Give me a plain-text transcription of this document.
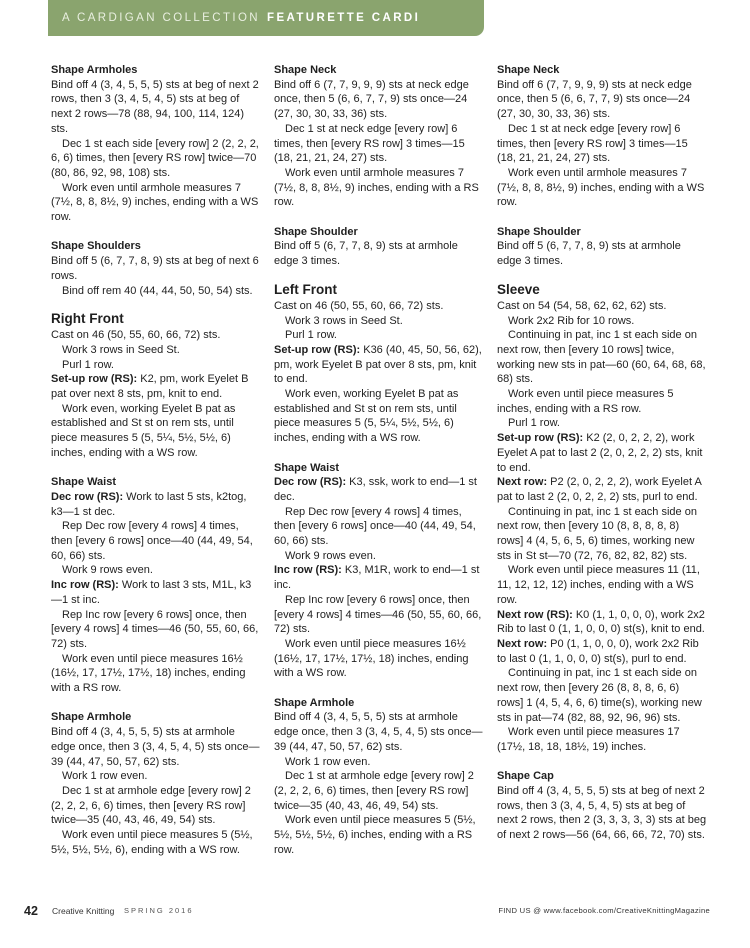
A CARDIGAN COLLECTION FEATURETTE CARDI
Shape Armholes
Bind off 4 (3, 4, 5, 5, 5) sts at beg of next 2 rows, then 3 (3, 4, 5, 4, 5) sts at beg of next 2 rows—78 (88, 94, 100, 114, 124) sts.
Dec 1 st each side [every row] 2 (2, 2, 2, 6, 6) times, then [every RS row] twice—70 (80, 86, 92, 98, 108) sts.
Work even until armhole measures 7 (7½, 8, 8, 8½, 9) inches, ending with a WS row.
Shape Shoulders
Bind off 5 (6, 7, 7, 8, 9) sts at beg of next 6 rows.
Bind off rem 40 (44, 44, 50, 50, 54) sts.
Right Front
Cast on 46 (50, 55, 60, 66, 72) sts.
Work 3 rows in Seed St.
Purl 1 row.
Set-up row (RS): K2, pm, work Eyelet B pat over next 8 sts, pm, knit to end.
Work even, working Eyelet B pat as established and St st on rem sts, until piece measures 5 (5, 5¼, 5½, 5½, 6) inches, ending with a WS row.
Shape Waist
Dec row (RS): Work to last 5 sts, k2tog, k3—1 st dec.
Rep Dec row [every 4 rows] 4 times, then [every 6 rows] once—40 (44, 49, 54, 60, 66) sts.
Work 9 rows even.
Inc row (RS): Work to last 3 sts, M1L, k3—1 st inc.
Rep Inc row [every 6 rows] once, then [every 4 rows] 4 times—46 (50, 55, 60, 66, 72) sts.
Work even until piece measures 16½ (16½, 17, 17½, 17½, 18) inches, ending with a RS row.
Shape Armhole
Bind off 4 (3, 4, 5, 5, 5) sts at armhole edge once, then 3 (3, 4, 5, 4, 5) sts once—39 (44, 47, 50, 57, 62) sts.
Work 1 row even.
Dec 1 st at armhole edge [every row] 2 (2, 2, 2, 6, 6) times, then [every RS row] twice—35 (40, 43, 46, 49, 54) sts.
Work even until piece measures 5 (5½, 5½, 5½, 5½, 6), ending with a WS row.
Shape Neck
Bind off 6 (7, 7, 9, 9, 9) sts at neck edge once, then 5 (6, 6, 7, 7, 9) sts once—24 (27, 30, 30, 33, 36) sts.
Dec 1 st at neck edge [every row] 6 times, then [every RS row] 3 times—15 (18, 21, 21, 24, 27) sts.
Work even until armhole measures 7 (7½, 8, 8, 8½, 9) inches, ending with a RS row.
Shape Shoulder
Bind off 5 (6, 7, 7, 8, 9) sts at armhole edge 3 times.
Left Front
Cast on 46 (50, 55, 60, 66, 72) sts.
Work 3 rows in Seed St.
Purl 1 row.
Set-up row (RS): K36 (40, 45, 50, 56, 62), pm, work Eyelet B pat over 8 sts, pm, knit to end.
Work even, working Eyelet B pat as established and St st on rem sts, until piece measures 5 (5, 5¼, 5½, 5½, 6) inches, ending with a WS row.
Shape Waist
Dec row (RS): K3, ssk, work to end—1 st dec.
Rep Dec row [every 4 rows] 4 times, then [every 6 rows] once—40 (44, 49, 54, 60, 66) sts.
Work 9 rows even.
Inc row (RS): K3, M1R, work to end—1 st inc.
Rep Inc row [every 6 rows] once, then [every 4 rows] 4 times—46 (50, 55, 60, 66, 72) sts.
Work even until piece measures 16½ (16½, 17, 17½, 17½, 18) inches, ending with a WS row.
Shape Armhole
Bind off 4 (3, 4, 5, 5, 5) sts at armhole edge once, then 3 (3, 4, 5, 4, 5) sts once—39 (44, 47, 50, 57, 62) sts.
Work 1 row even.
Dec 1 st at armhole edge [every row] 2 (2, 2, 2, 6, 6) times, then [every RS row] twice—35 (40, 43, 46, 49, 54) sts.
Work even until piece measures 5 (5½, 5½, 5½, 5½, 6) inches, ending with a RS row.
Shape Neck
Bind off 6 (7, 7, 9, 9, 9) sts at neck edge once, then 5 (6, 6, 7, 7, 9) sts once—24 (27, 30, 30, 33, 36) sts.
Dec 1 st at neck edge [every row] 6 times, then [every RS row] 3 times—15 (18, 21, 21, 24, 27) sts.
Work even until armhole measures 7 (7½, 8, 8, 8½, 9) inches, ending with a WS row.
Shape Shoulder
Bind off 5 (6, 7, 7, 8, 9) sts at armhole edge 3 times.
Sleeve
Cast on 54 (54, 58, 62, 62, 62) sts.
Work 2x2 Rib for 10 rows.
Continuing in pat, inc 1 st each side on next row, then [every 10 rows] twice, working new sts in pat—60 (60, 64, 68, 68, 68) sts.
Work even until piece measures 5 inches, ending with a RS row.
Purl 1 row.
Set-up row (RS): K2 (2, 0, 2, 2, 2), work Eyelet A pat to last 2 (2, 0, 2, 2, 2) sts, knit to end.
Next row: P2 (2, 0, 2, 2, 2), work Eyelet A pat to last 2 (2, 0, 2, 2, 2) sts, purl to end.
Continuing in pat, inc 1 st each side on next row, then [every 10 (8, 8, 8, 8, 8) rows] 4 (4, 5, 6, 5, 6) times, working new sts in St st—70 (72, 76, 82, 82, 82) sts.
Work even until piece measures 11 (11, 11, 12, 12, 12) inches, ending with a WS row.
Next row (RS): K0 (1, 1, 0, 0, 0), work 2x2 Rib to last 0 (1, 1, 0, 0, 0) st(s), knit to end.
Next row: P0 (1, 1, 0, 0, 0), work 2x2 Rib to last 0 (1, 1, 0, 0, 0) st(s), purl to end.
Continuing in pat, inc 1 st each side on next row, then [every 26 (8, 8, 8, 6, 6) rows] 1 (4, 5, 4, 6, 6) time(s), working new sts in pat—74 (82, 88, 92, 96, 96) sts.
Work even until piece measures 17 (17½, 18, 18, 18½, 19) inches.
Shape Cap
Bind off 4 (3, 4, 5, 5, 5) sts at beg of next 2 rows, then 3 (3, 4, 5, 4, 5) sts at beg of next 2 rows, then 2 (3, 3, 3, 3, 3) sts at beg of next 2 rows—56 (64, 66, 66, 72, 70) sts.
42 Creative Knitting SPRING 2016	FIND US @ www.facebook.com/CreativeKnittingMagazine
